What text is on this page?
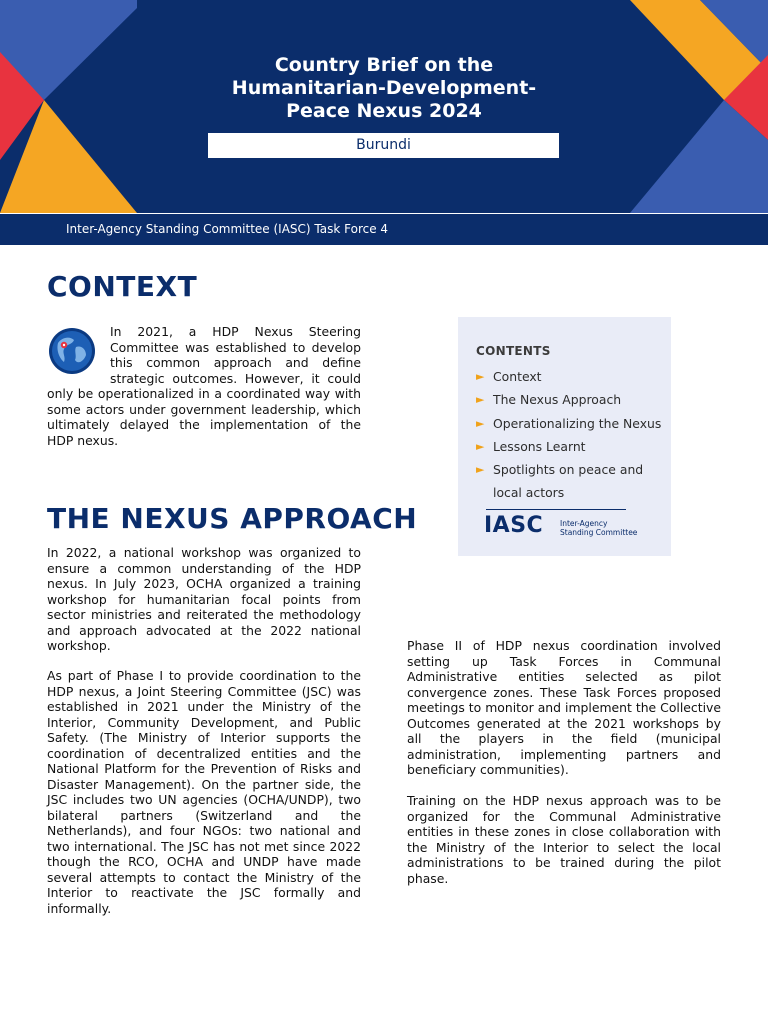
Country Brief on the
Humanitarian-Development-
Peace Nexus 2024
Burundi
Inter-Agency Standing Committee (IASC) Task Force 4
CONTEXT

In 2021, a HDP Nexus Steering

Committee was established to develop

this common approach and define

strategic outcomes. However, it could

only be operationalized in a coordinated way with

some actors under government leadership, which

ultimately delayed the implementation of the

HDP nexus.

THE NEXUS APPROACH

In 2022, a national workshop was organized to ensure a common understanding of the HDP nexus. In July 2023, OCHA organized a training workshop for humanitarian focal points from sector ministries and reiterated the methodology and approach advocated at the 2022 national workshop.

As part of Phase I to provide coordination to the HDP nexus, a Joint Steering Committee (JSC) was established in 2021 under the Ministry of the Interior, Community Development, and Public Safety. (The Ministry of Interior supports the coordination of decentralized entities and the National Platform for the Prevention of Risks and Disaster Management). On the partner side, the JSC includes two UN agencies (OCHA/UNDP), two bilateral partners (Switzerland and the Netherlands), and four NGOs: two national and two international. The JSC has not met since 2022 though the RCO, OCHA and UNDP have made several attempts to contact the Ministry of the Interior to reactivate the JSC formally and informally.

Phase II of HDP nexus coordination involved setting up Task Forces in Communal Administrative entities selected as pilot convergence zones. These Task Forces proposed meetings to monitor and implement the Collective Outcomes generated at the 2021 workshops by all the players in the field (municipal administration, implementing partners and beneficiary communities).

Training on the HDP nexus approach was to be organized for the Communal Administrative entities in these zones in close collaboration with the Ministry of the Interior to select the local administrations to be trained during the pilot phase.

CONTENTS
► Context
► The Nexus Approach
► Operationalizing the Nexus
► Lessons Learnt
► Spotlights on peace and local actors
IASC Inter-Agency
Standing Committee
